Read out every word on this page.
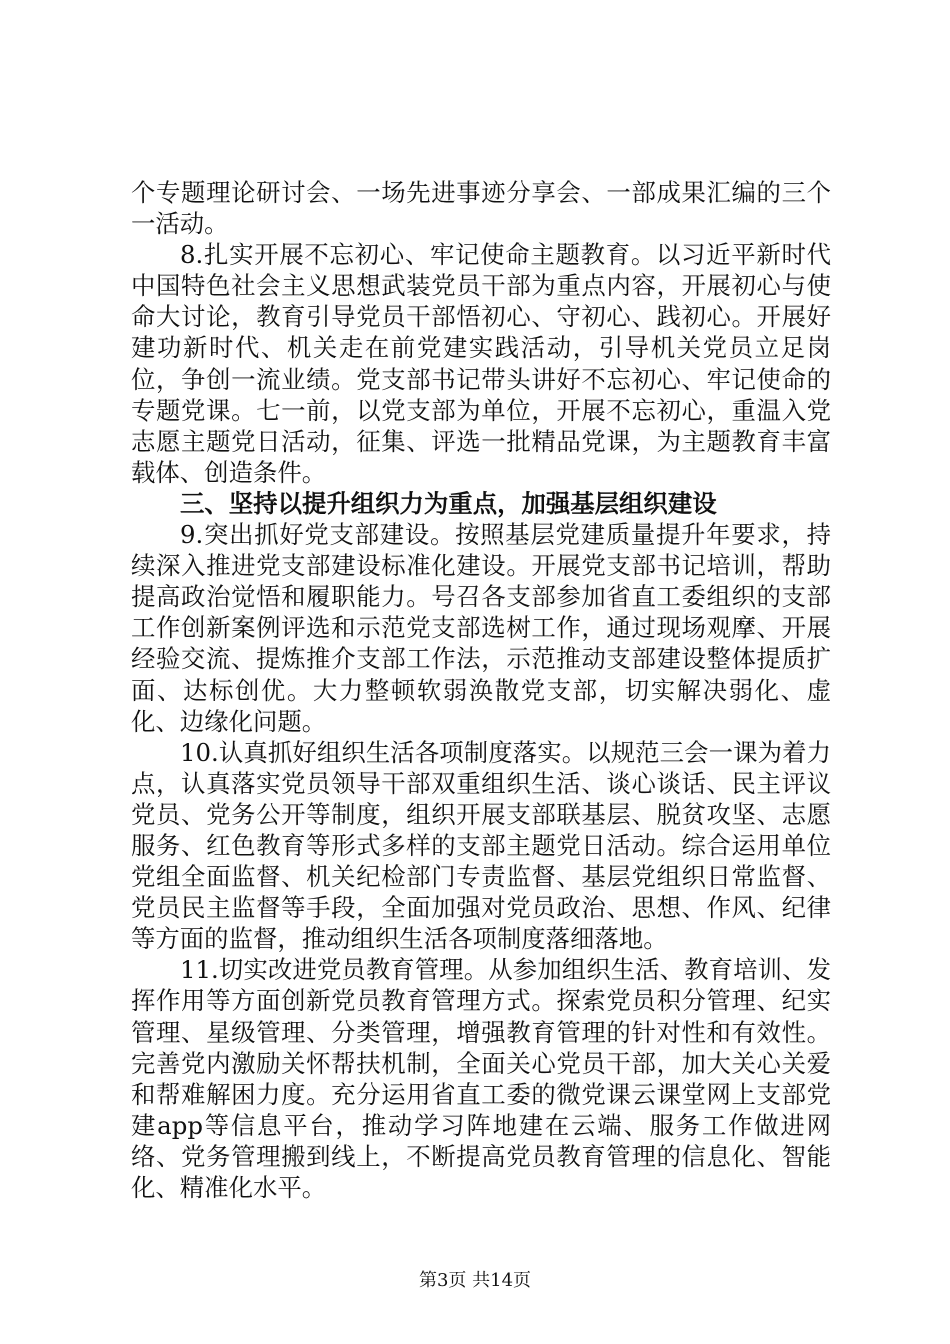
个专题理论研讨会、一场先进事迹分享会、一部成果汇编的三个一活动。

8.扎实开展不忘初心、牢记使命主题教育。以习近平新时代中国特色社会主义思想武装党员干部为重点内容，开展初心与使命大讨论，教育引导党员干部悟初心、守初心、践初心。开展好建功新时代、机关走在前党建实践活动，引导机关党员立足岗位，争创一流业绩。党支部书记带头讲好不忘初心、牢记使命的专题党课。七一前，以党支部为单位，开展不忘初心，重温入党志愿主题党日活动，征集、评选一批精品党课，为主题教育丰富载体、创造条件。

三、坚持以提升组织力为重点，加强基层组织建设

9.突出抓好党支部建设。按照基层党建质量提升年要求，持续深入推进党支部建设标准化建设。开展党支部书记培训，帮助提高政治觉悟和履职能力。号召各支部参加省直工委组织的支部工作创新案例评选和示范党支部选树工作，通过现场观摩、开展经验交流、提炼推介支部工作法，示范推动支部建设整体提质扩面、达标创优。大力整顿软弱涣散党支部，切实解决弱化、虚化、边缘化问题。

10.认真抓好组织生活各项制度落实。以规范三会一课为着力点，认真落实党员领导干部双重组织生活、谈心谈话、民主评议党员、党务公开等制度，组织开展支部联基层、脱贫攻坚、志愿服务、红色教育等形式多样的支部主题党日活动。综合运用单位党组全面监督、机关纪检部门专责监督、基层党组织日常监督、党员民主监督等手段，全面加强对党员政治、思想、作风、纪律等方面的监督，推动组织生活各项制度落细落地。

11.切实改进党员教育管理。从参加组织生活、教育培训、发挥作用等方面创新党员教育管理方式。探索党员积分管理、纪实管理、星级管理、分类管理，增强教育管理的针对性和有效性。完善党内激励关怀帮扶机制，全面关心党员干部，加大关心关爱和帮难解困力度。充分运用省直工委的微党课云课堂网上支部党建app等信息平台，推动学习阵地建在云端、服务工作做进网络、党务管理搬到线上，不断提高党员教育管理的信息化、智能化、精准化水平。

第3页 共14页
